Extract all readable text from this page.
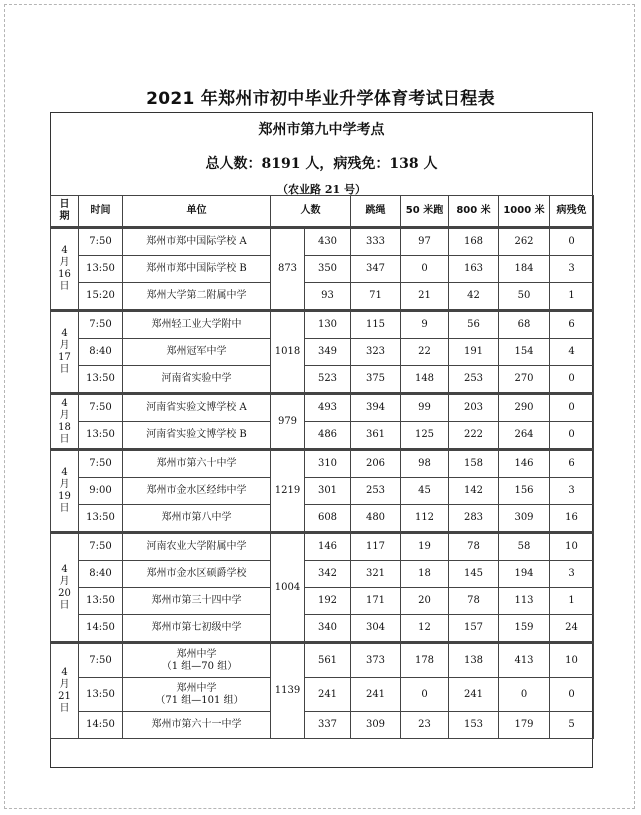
2021 年郑州市初中毕业升学体育考试日程表
郑州市第九中学考点
总人数：8191 人，病残免：138 人
（农业路 21 号）
日
期	时间	单位	人数		跳绳	50 米跑	800 米	1000 米	病残免

4
月
16
日	7:50	郑州市郑中国际学校 A	873	430	333	97	168	262	0
	13:50	郑州市郑中国际学校 B		350	347	0	163	184	3
	15:20	郑州大学第二附属中学		93	71	21	42	50	1

4
月
17
日	7:50	郑州轻工业大学附中	1018	130	115	9	56	68	6
	8:40	郑州冠军中学		349	323	22	191	154	4
	13:50	河南省实验中学		523	375	148	253	270	0

4
月
18
日	7:50	河南省实验文博学校 A	979	493	394	99	203	290	0
	13:50	河南省实验文博学校 B		486	361	125	222	264	0

4
月
19
日	7:50	郑州市第六十中学	1219	310	206	98	158	146	6
	9:00	郑州市金水区经纬中学		301	253	45	142	156	3
	13:50	郑州市第八中学		608	480	112	283	309	16

4
月
20
日	7:50	河南农业大学附属中学	1004	146	117	19	78	58	10
	8:40	郑州市金水区硕爵学校		342	321	18	145	194	3
	13:50	郑州市第三十四中学		192	171	20	78	113	1
	14:50	郑州市第七初级中学		340	304	12	157	159	24

4
月
21
日	7:50	郑州中学
（1 组—70 组）	1139	561	373	178	138	413	10
	13:50	郑州中学
（71 组—101 组）		241	241	0	241	0	0
	14:50	郑州市第六十一中学		337	309	23	153	179	5
